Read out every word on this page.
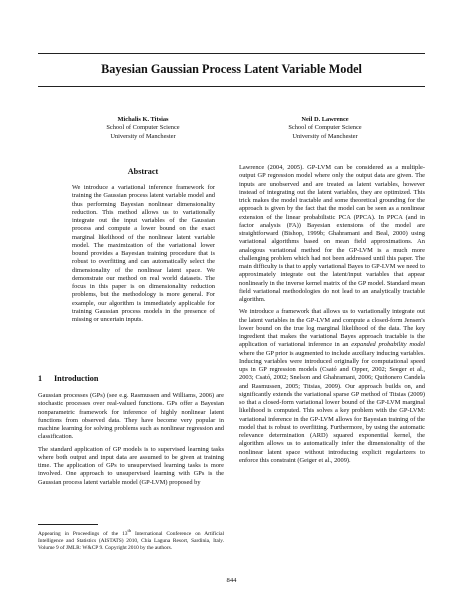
Bayesian Gaussian Process Latent Variable Model
Michalis K. Titsias
School of Computer Science
University of Manchester
Neil D. Lawrence
School of Computer Science
University of Manchester
Abstract

We introduce a variational inference framework for training the Gaussian process latent variable model and thus performing Bayesian nonlinear dimensionality reduction. This method allows us to variationally integrate out the input variables of the Gaussian process and compute a lower bound on the exact marginal likelihood of the nonlinear latent variable model. The maximization of the variational lower bound provides a Bayesian training procedure that is robust to overfitting and can automatically select the dimensionality of the nonlinear latent space. We demonstrate our method on real world datasets. The focus in this paper is on dimensionality reduction problems, but the methodology is more general. For example, our algorithm is immediately applicable for training Gaussian process models in the presence of missing or uncertain inputs.

1 Introduction

Gaussian processes (GPs) (see e.g. Rasmussen and Williams, 2006) are stochastic processes over real-valued functions. GPs offer a Bayesian nonparametric framework for inference of highly nonlinear latent functions from observed data. They have become very popular in machine learning for solving problems such as nonlinear regression and classification.

The standard application of GP models is to supervised learning tasks where both output and input data are assumed to be given at training time. The application of GPs to unsupervised learning tasks is more involved. One approach to unsupervised learning with GPs is the Gaussian process latent variable model (GP-LVM) proposed by

Appearing in Proceedings of the 13th International Conference on Artificial Intelligence and Statistics (AISTATS) 2010, Chia Laguna Resort, Sardinia, Italy. Volume 9 of JMLR: W&CP 9. Copyright 2010 by the authors.

Lawrence (2004, 2005). GP-LVM can be considered as a multiple-output GP regression model where only the output data are given. The inputs are unobserved and are treated as latent variables, however instead of integrating out the latent variables, they are optimized. This trick makes the model tractable and some theoretical grounding for the approach is given by the fact that the model can be seen as a nonlinear extension of the linear probabilistic PCA (PPCA). In PPCA (and in factor analysis (FA)) Bayesian extensions of the model are straightforward (Bishop, 1999b; Ghahramani and Beal, 2000) using variational algorithms based on mean field approximations. An analogous variational method for the GP-LVM is a much more challenging problem which had not been addressed until this paper. The main difficulty is that to apply variational Bayes to GP-LVM we need to approximately integrate out the latent/input variables that appear nonlinearly in the inverse kernel matrix of the GP model. Standard mean field variational methodologies do not lead to an analytically tractable algorithm.

We introduce a framework that allows us to variationally integrate out the latent variables in the GP-LVM and compute a closed-form Jensen's lower bound on the true log marginal likelihood of the data. The key ingredient that makes the variational Bayes approach tractable is the application of variational inference in an expanded probability model where the GP prior is augmented to include auxiliary inducing variables. Inducing variables were introduced originally for computational speed ups in GP regression models (Csató and Opper, 2002; Seeger et al., 2003; Csató, 2002; Snelson and Ghahramani, 2006; Quiñonero Candela and Rasmussen, 2005; Titsias, 2009). Our approach builds on, and significantly extends the variational sparse GP method of Titsias (2009) so that a closed-form variational lower bound of the GP-LVM marginal likelihood is computed. This solves a key problem with the GP-LVM: variational inference in the GP-LVM allows for Bayesian training of the model that is robust to overfitting. Furthermore, by using the automatic relevance determination (ARD) squared exponential kernel, the algorithm allows us to automatically infer the dimensionality of the nonlinear latent space without introducing explicit regularizers to enforce this constraint (Geiger et al., 2009).

844
